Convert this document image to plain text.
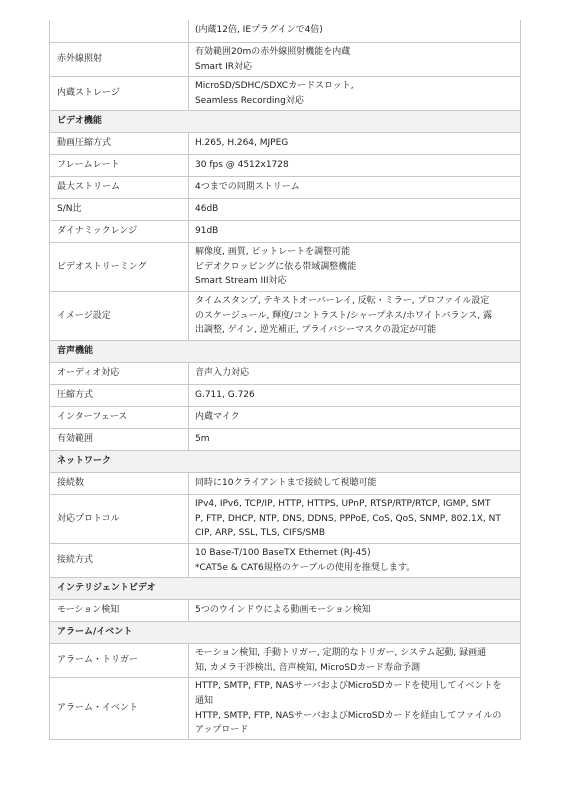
	(内蔵12倍, IEプラグインで4倍)
赤外線照射	有効範囲20mの赤外線照射機能を内蔵
Smart IR対応
内蔵ストレージ	MicroSD/SDHC/SDXCカードスロット,
Seamless Recording対応
ビデオ機能	
動画圧縮方式	H.265, H.264, MJPEG
フレームレート	30 fps @ 4512x1728
最大ストリーム	4つまでの同期ストリーム
S/N比	46dB
ダイナミックレンジ	91dB
ビデオストリーミング	解像度, 画質, ビットレートを調整可能
ビデオクロッピングに依る帯域調整機能
Smart Stream III対応
イメージ設定	タイムスタンプ, テキストオーバーレイ, 反転・ミラー, プロファイル設定
のスケージュール, 輝度/コントラスト/シャープネス/ホワイトバランス, 露
出調整, ゲイン, 逆光補正, プライバシーマスクの設定が可能
音声機能	
オーディオ対応	音声入力対応
圧縮方式	G.711, G.726
インターフェース	内蔵マイク
有効範囲	5m
ネットワーク	
接続数	同時に10クライアントまで接続して視聴可能
対応プロトコル	IPv4, IPv6, TCP/IP, HTTP, HTTPS, UPnP, RTSP/RTP/RTCP, IGMP, SMT
P, FTP, DHCP, NTP, DNS, DDNS, PPPoE, CoS, QoS, SNMP, 802.1X, NT
CIP, ARP, SSL, TLS, CIFS/SMB
接続方式	10 Base-T/100 BaseTX Ethernet (RJ-45)
*CAT5e & CAT6規格のケーブルの使用を推奨します。
インテリジェントビデオ	
モーション検知	5つのウインドウによる動画モーション検知
アラーム/イベント	
アラーム・トリガー	モーション検知, 手動トリガー, 定期的なトリガー, システム起動, 録画通
知, カメラ干渉検出, 音声検知, MicroSDカード寿命予測
アラーム・イベント	HTTP, SMTP, FTP, NASサーバおよびMicroSDカードを使用してイベントを
通知
HTTP, SMTP, FTP, NASサーバおよびMicroSDカードを経由してファイルの
アップロード
